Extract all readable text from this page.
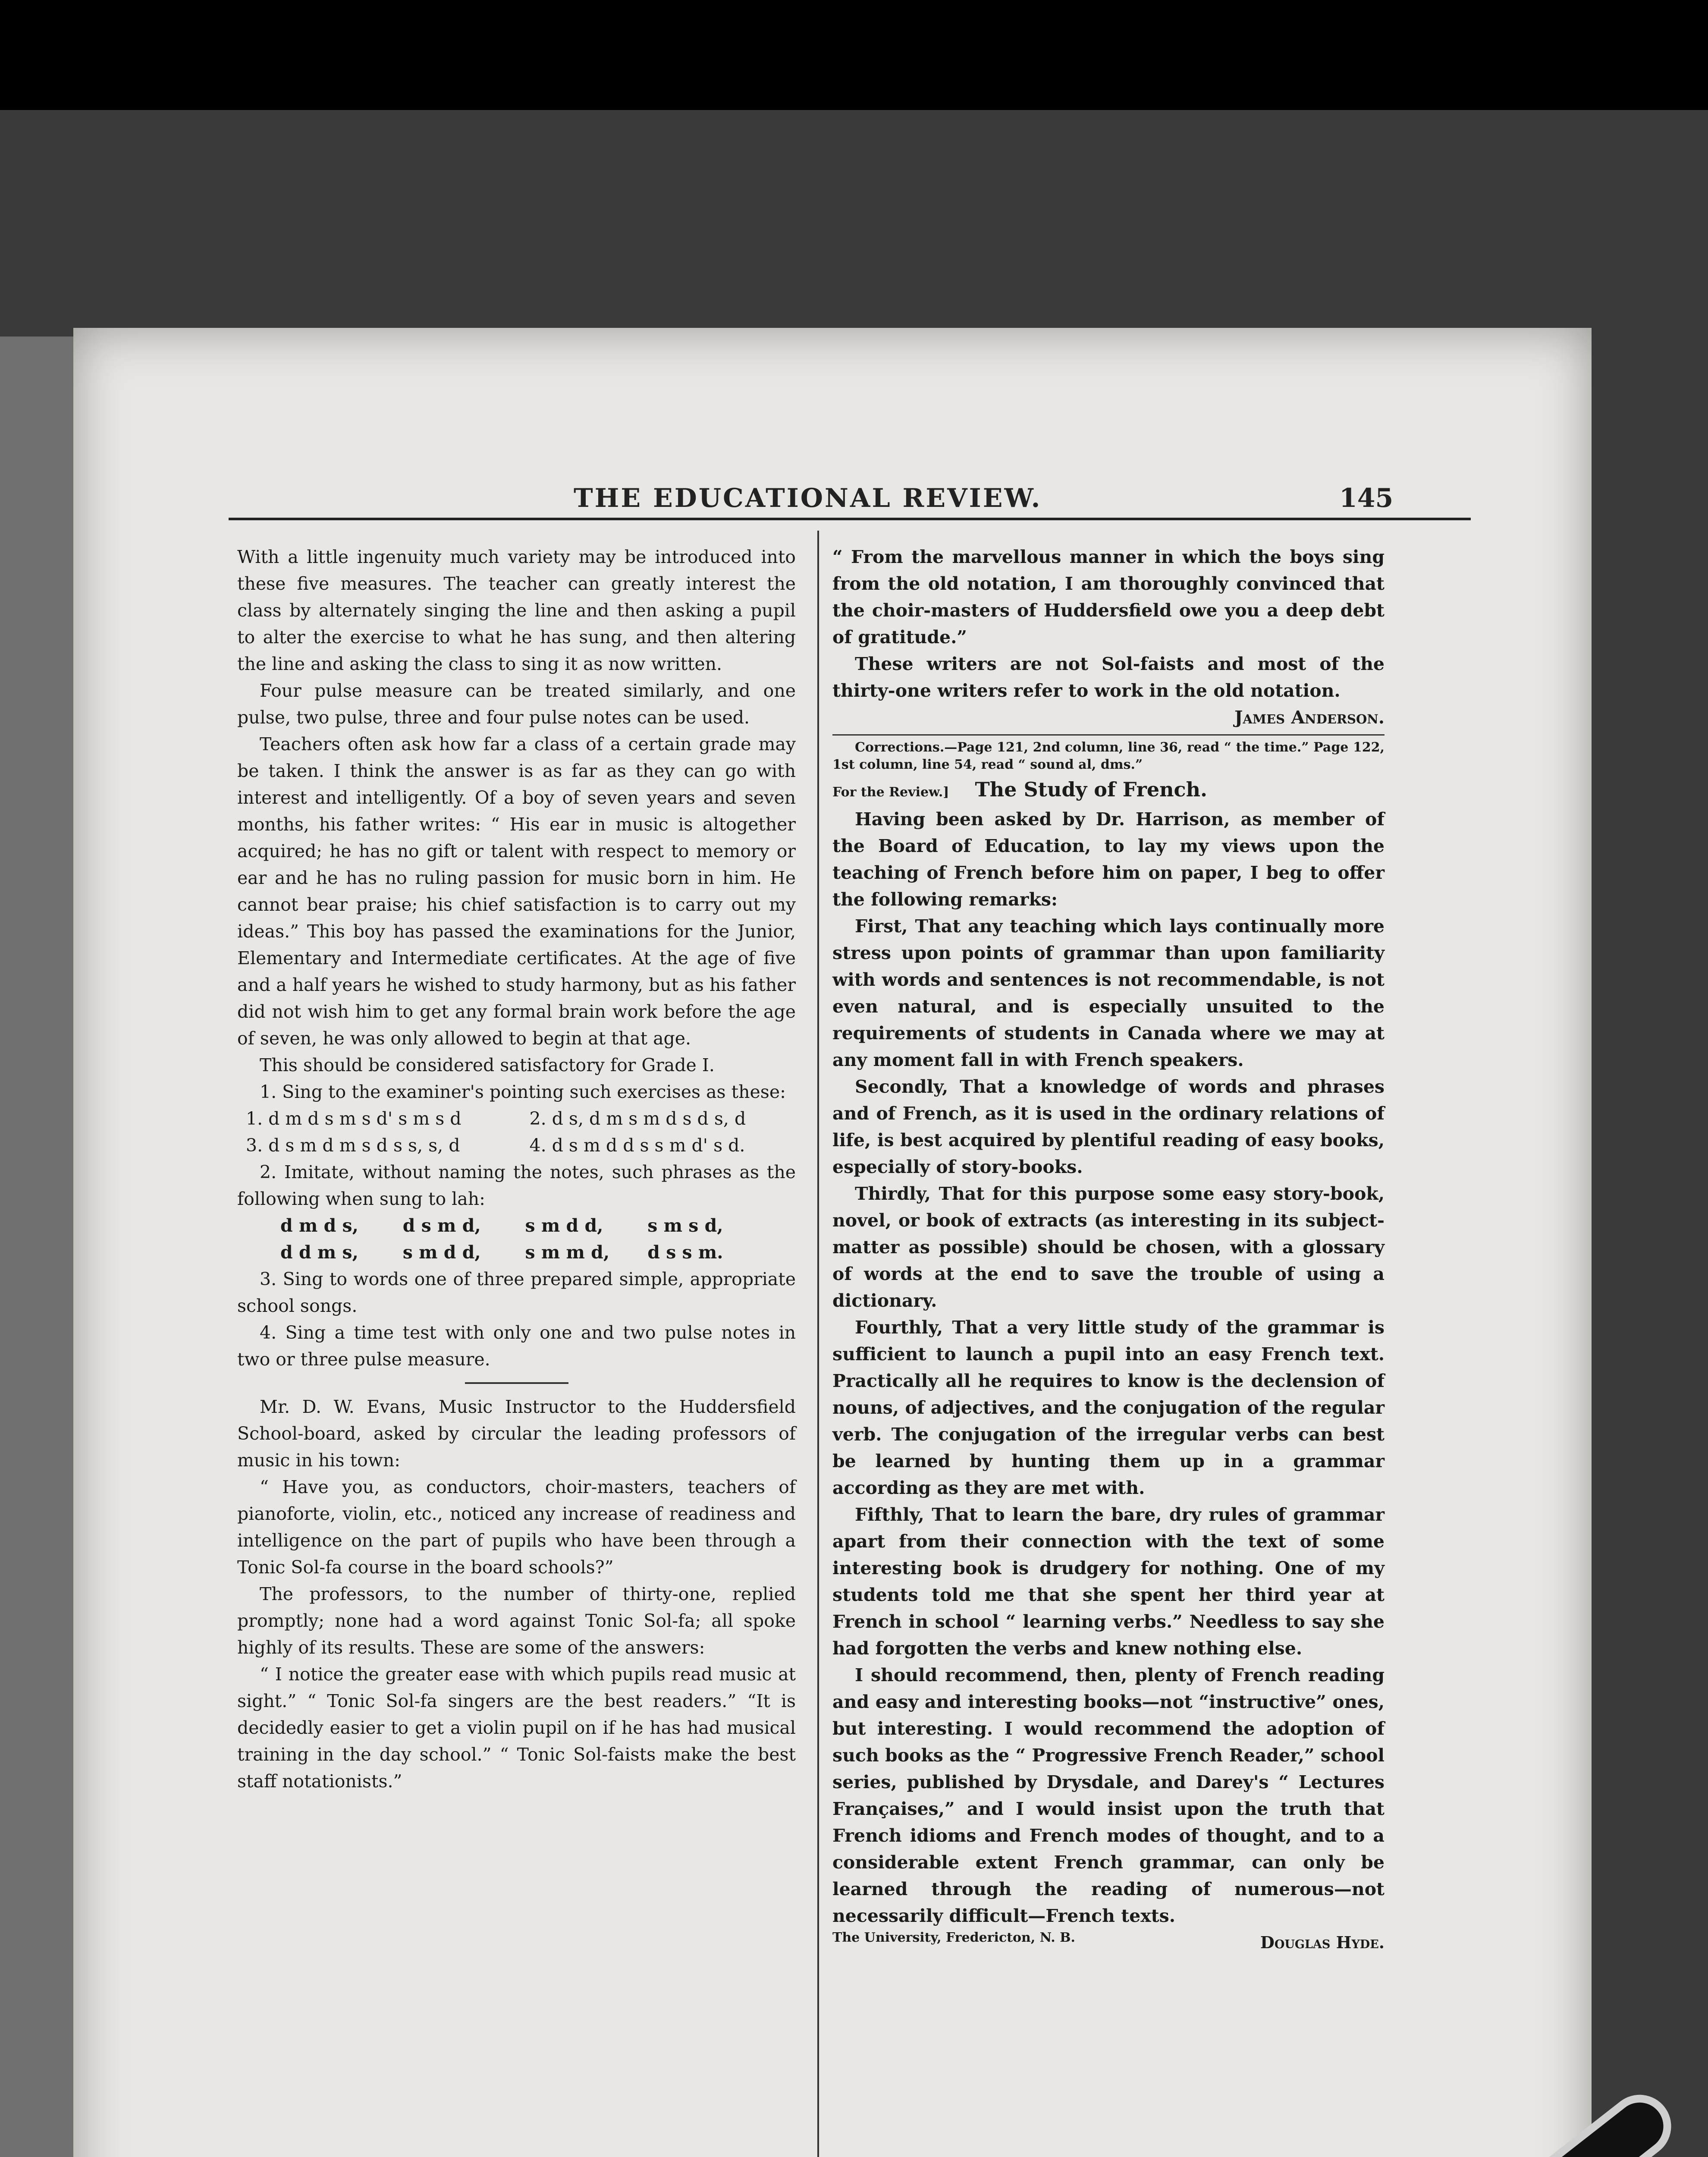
THE EDUCATIONAL REVIEW.	145

With a little ingenuity much variety may be introduced into these five measures. The teacher can greatly interest the class by alternately singing the line and then asking a pupil to alter the exercise to what he has sung, and then altering the line and asking the class to sing it as now written.

Four pulse measure can be treated similarly, and one pulse, two pulse, three and four pulse notes can be used.

Teachers often ask how far a class of a certain grade may be taken. I think the answer is as far as they can go with interest and intelligently. Of a boy of seven years and seven months, his father writes: “ His ear in music is altogether acquired; he has no gift or talent with respect to memory or ear and he has no ruling passion for music born in him. He cannot bear praise; his chief satisfaction is to carry out my ideas.” This boy has passed the examinations for the Junior, Elementary and Intermediate certificates. At the age of five and a half years he wished to study harmony, but as his father did not wish him to get any formal brain work before the age of seven, he was only allowed to begin at that age.

This should be considered satisfactory for Grade I.

1. Sing to the examiner's pointing such exercises as these:

1. d m d s m s d' s m s d	2. d s, d m s m d s d s, d
3. d s m d m s d s s, s, d	4. d s m d d s s m d' s d.

2. Imitate, without naming the notes, such phrases as the following when sung to lah:

d m d s,	d s m d,	s m d d,	s m s d,
d d m s,	s m d d,	s m m d,	d s s m.

3. Sing to words one of three prepared simple, appropriate school songs.

4. Sing a time test with only one and two pulse notes in two or three pulse measure.

Mr. D. W. Evans, Music Instructor to the Huddersfield School-board, asked by circular the leading professors of music in his town:

“ Have you, as conductors, choir-masters, teachers of pianoforte, violin, etc., noticed any increase of readiness and intelligence on the part of pupils who have been through a Tonic Sol-fa course in the board schools?”

The professors, to the number of thirty-one, replied promptly; none had a word against Tonic Sol-fa; all spoke highly of its results. These are some of the answers:

“ I notice the greater ease with which pupils read music at sight.” “ Tonic Sol-fa singers are the best readers.” “It is decidedly easier to get a violin pupil on if he has had musical training in the day school.” “ Tonic Sol-faists make the best staff notationists.”

“ From the marvellous manner in which the boys sing from the old notation, I am thoroughly convinced that the choir-masters of Huddersfield owe you a deep debt of gratitude.”

These writers are not Sol-faists and most of the thirty-one writers refer to work in the old notation.

James Anderson.

Corrections.—Page 121, 2nd column, line 36, read “ the time.” Page 122, 1st column, line 54, read “ sound al, dms.”

For the Review.] The Study of French.

Having been asked by Dr. Harrison, as member of the Board of Education, to lay my views upon the teaching of French before him on paper, I beg to offer the following remarks:

First, That any teaching which lays continually more stress upon points of grammar than upon familiarity with words and sentences is not recommendable, is not even natural, and is especially unsuited to the requirements of students in Canada where we may at any moment fall in with French speakers.

Secondly, That a knowledge of words and phrases and of French, as it is used in the ordinary relations of life, is best acquired by plentiful reading of easy books, especially of story-books.

Thirdly, That for this purpose some easy story-book, novel, or book of extracts (as interesting in its subject-matter as possible) should be chosen, with a glossary of words at the end to save the trouble of using a dictionary.

Fourthly, That a very little study of the grammar is sufficient to launch a pupil into an easy French text. Practically all he requires to know is the declension of nouns, of adjectives, and the conjugation of the regular verb. The conjugation of the irregular verbs can best be learned by hunting them up in a grammar according as they are met with.

Fifthly, That to learn the bare, dry rules of grammar apart from their connection with the text of some interesting book is drudgery for nothing. One of my students told me that she spent her third year at French in school “ learning verbs.” Needless to say she had forgotten the verbs and knew nothing else.

I should recommend, then, plenty of French reading and easy and interesting books—not “instructive” ones, but interesting. I would recommend the adoption of such books as the “ Progressive French Reader,” school series, published by Drysdale, and Darey's “ Lectures Françaises,” and I would insist upon the truth that French idioms and French modes of thought, and to a considerable extent French grammar, can only be learned through the reading of numerous—not necessarily difficult—French texts.

The University, Fredericton, N. B.	Douglas Hyde.
